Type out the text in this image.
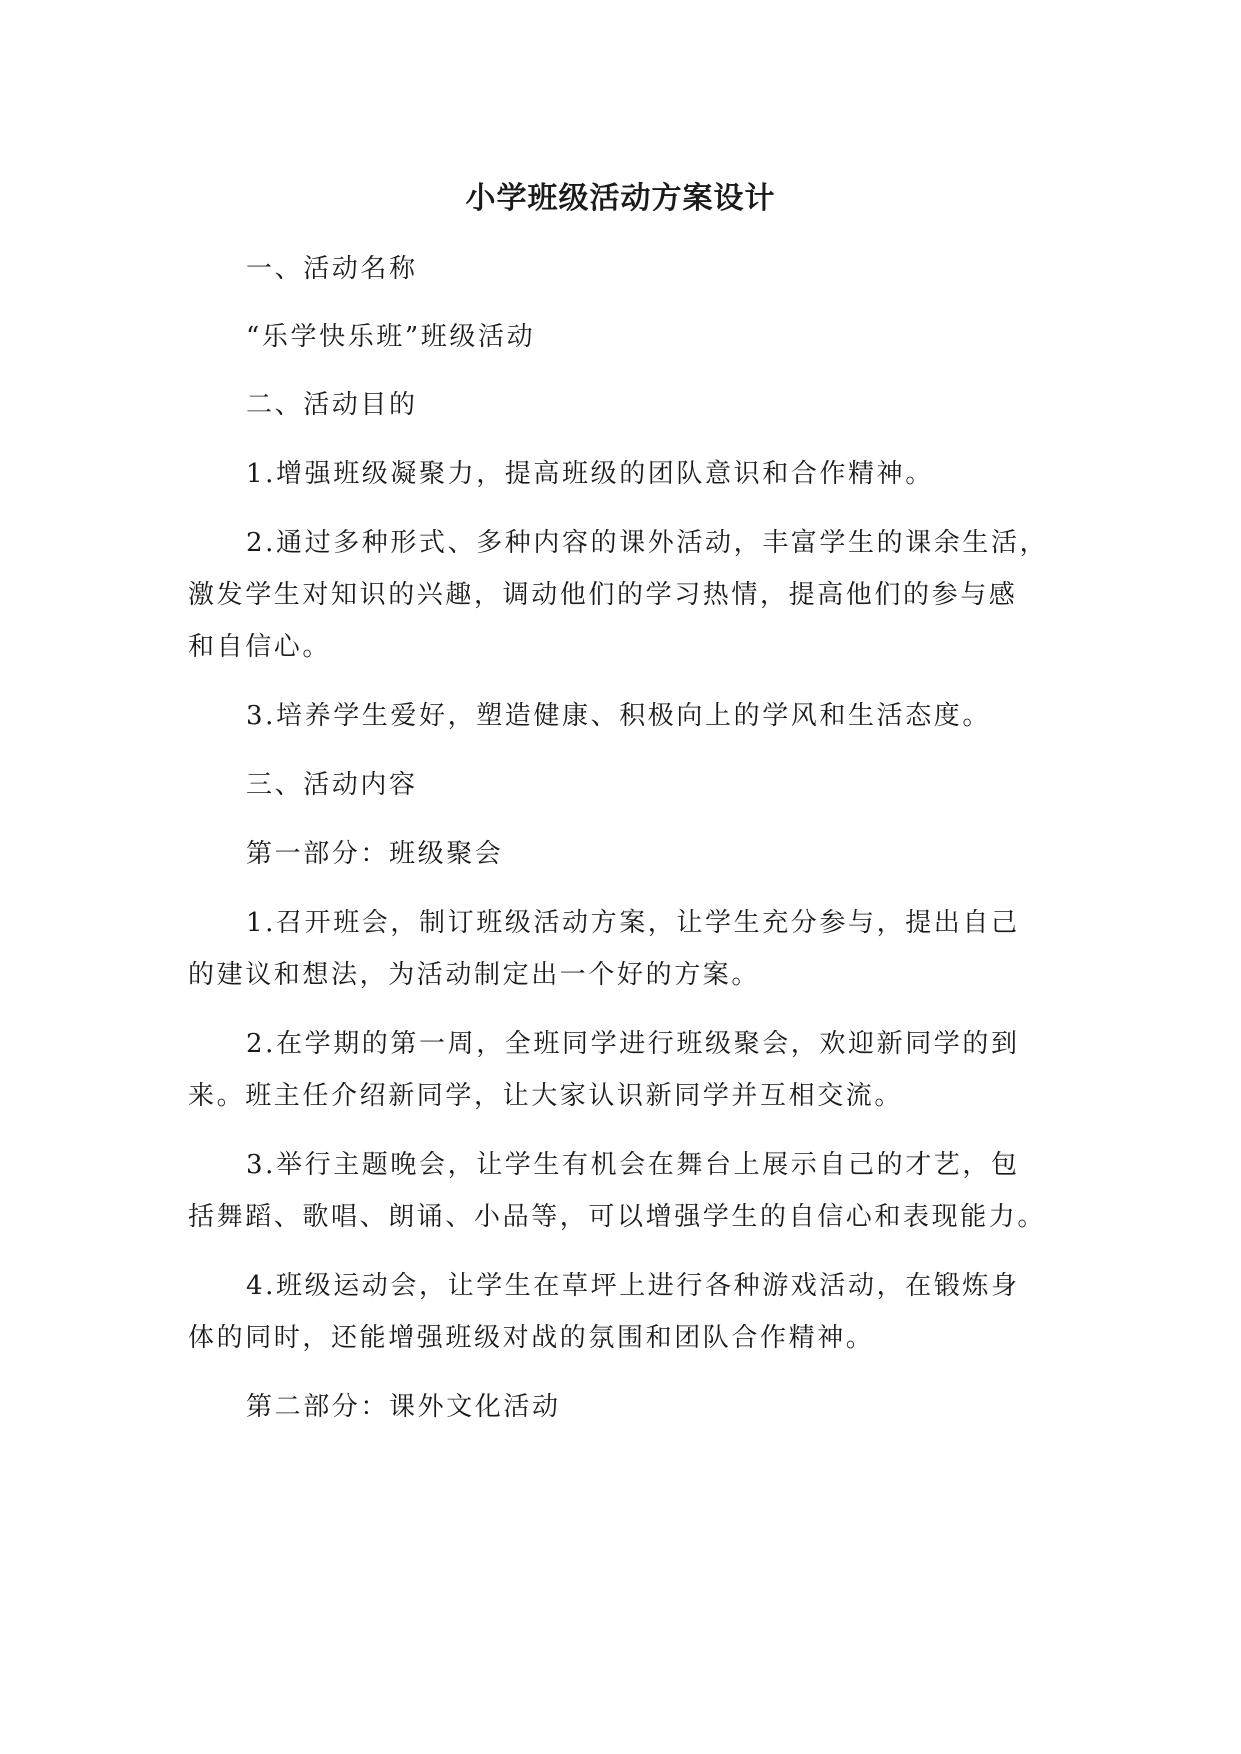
小学班级活动方案设计

一、活动名称

“乐学快乐班”班级活动

二、活动目的

1.增强班级凝聚力，提高班级的团队意识和合作精神。

2.通过多种形式、多种内容的课外活动，丰富学生的课余生活，

激发学生对知识的兴趣，调动他们的学习热情，提高他们的参与感

和自信心。

3.培养学生爱好，塑造健康、积极向上的学风和生活态度。

三、活动内容

第一部分：班级聚会

1.召开班会，制订班级活动方案，让学生充分参与，提出自己

的建议和想法，为活动制定出一个好的方案。

2.在学期的第一周，全班同学进行班级聚会，欢迎新同学的到

来。班主任介绍新同学，让大家认识新同学并互相交流。

3.举行主题晚会，让学生有机会在舞台上展示自己的才艺，包

括舞蹈、歌唱、朗诵、小品等，可以增强学生的自信心和表现能力。

4.班级运动会，让学生在草坪上进行各种游戏活动，在锻炼身

体的同时，还能增强班级对战的氛围和团队合作精神。

第二部分：课外文化活动
